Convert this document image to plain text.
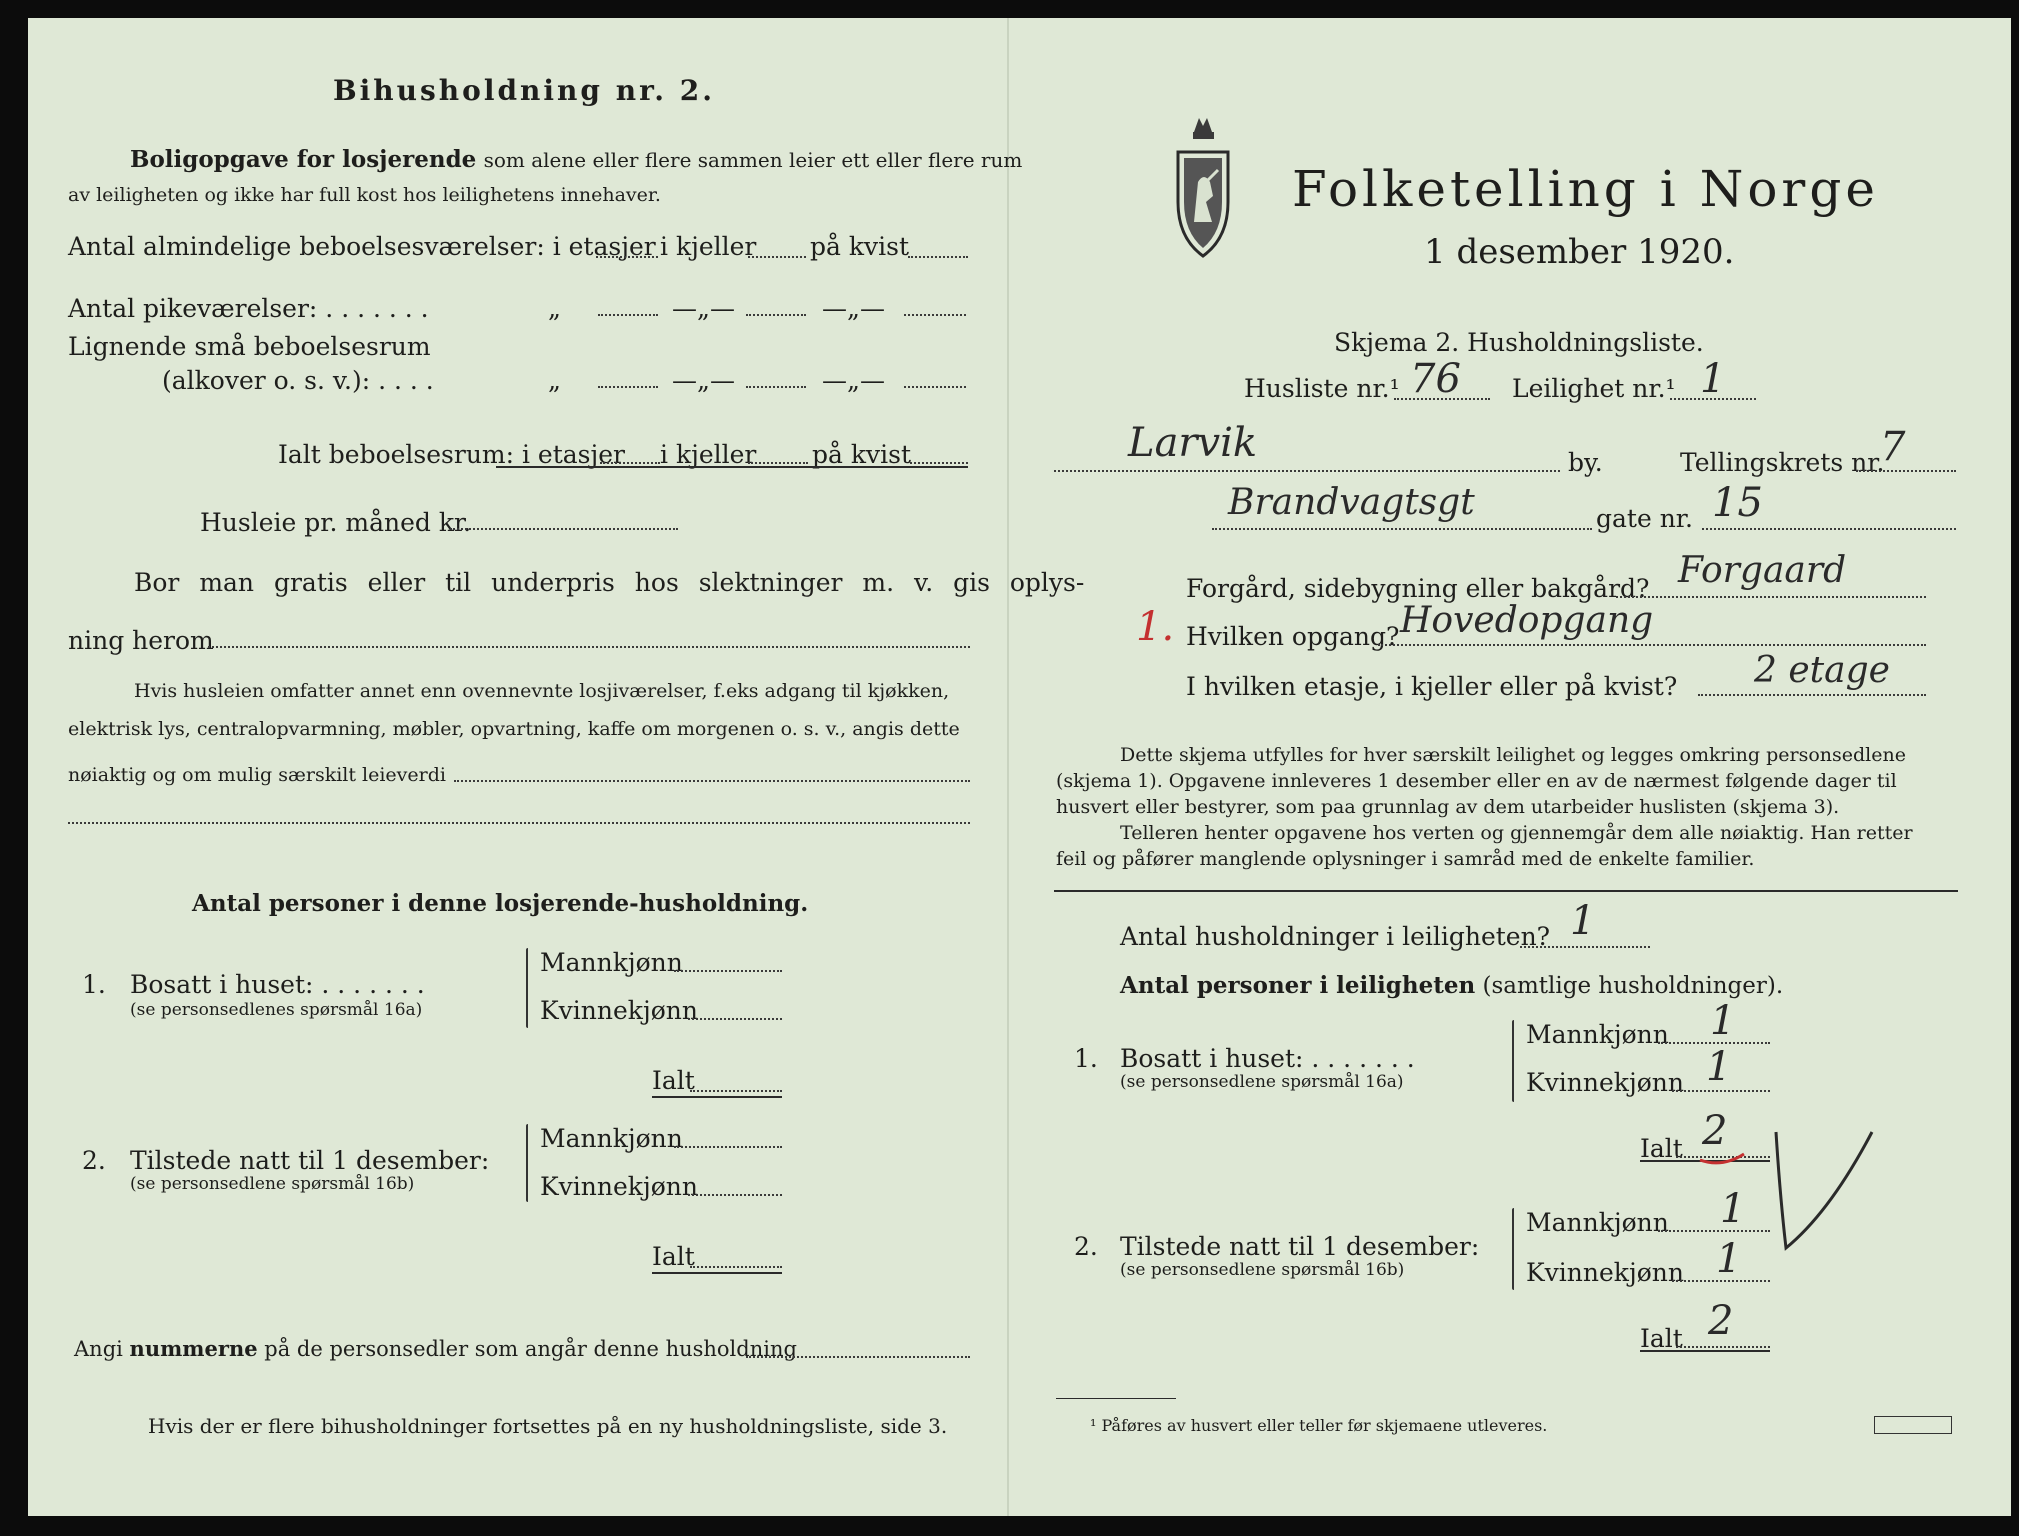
Bihusholdning nr. 2.
Boligopgave for losjerende som alene eller flere sammen leier ett eller flere rum
av leiligheten og ikke har full kost hos leilighetens innehaver.
Antal almindelige beboelsesværelser: i etasjer i kjeller på kvist
Antal pikeværelser: . . . . . . .	„	—„—	—„—
Lignende små beboelsesrum
(alkover o. s. v.): . . . .	„	—„—	—„—
Ialt beboelsesrum: i etasjer i kjeller på kvist
Husleie pr. måned kr.
Bor man gratis eller til underpris hos slektninger m. v. gis oplys-
ning herom
Hvis husleien omfatter annet enn ovennevnte losjiværelser, f.eks adgang til kjøkken,
elektrisk lys, centralopvarmning, møbler, opvartning, kaffe om morgenen o. s. v., angis dette
nøiaktig og om mulig særskilt leieverdi
Antal personer i denne losjerende-husholdning.
1. Bosatt i huset: . . . . . . .
(se personsedlenes spørsmål 16a)
Mannkjønn
Kvinnekjønn
Ialt
2. Tilstede natt til 1 desember:
(se personsedlene spørsmål 16b)
Mannkjønn
Kvinnekjønn
Ialt
Angi nummerne på de personsedler som angår denne husholdning
Hvis der er flere bihusholdninger fortsettes på en ny husholdningsliste, side 3.
Folketelling i Norge
1 desember 1920.
Skjema 2. Husholdningsliste.
Husliste nr.¹ 76 Leilighet nr.¹ 1
Larvik	by.	Tellingskrets nr.
7
Brandvagtsgt	gate nr. 15
Forgård, sidebygning eller bakgård? Forgaard
1. Hvilken opgang? Hovedopgang
I hvilken etasje, i kjeller eller på kvist? 2 etage
Dette skjema utfylles for hver særskilt leilighet og legges omkring personsedlene
(skjema 1). Opgavene innleveres 1 desember eller en av de nærmest følgende dager til
husvert eller bestyrer, som paa grunnlag av dem utarbeider huslisten (skjema 3).
Telleren henter opgavene hos verten og gjennemgår dem alle nøiaktig. Han retter
feil og påfører manglende oplysninger i samråd med de enkelte familier.
Antal husholdninger i leiligheten? 1
Antal personer i leiligheten (samtlige husholdninger).
1. Bosatt i huset: . . . . . . .
(se personsedlene spørsmål 16a)
Mannkjønn 1
Kvinnekjønn 1
Ialt 2
2. Tilstede natt til 1 desember:
(se personsedlene spørsmål 16b)
Mannkjønn 1
Kvinnekjønn 1
Ialt 2
¹ Påføres av husvert eller teller før skjemaene utleveres.
